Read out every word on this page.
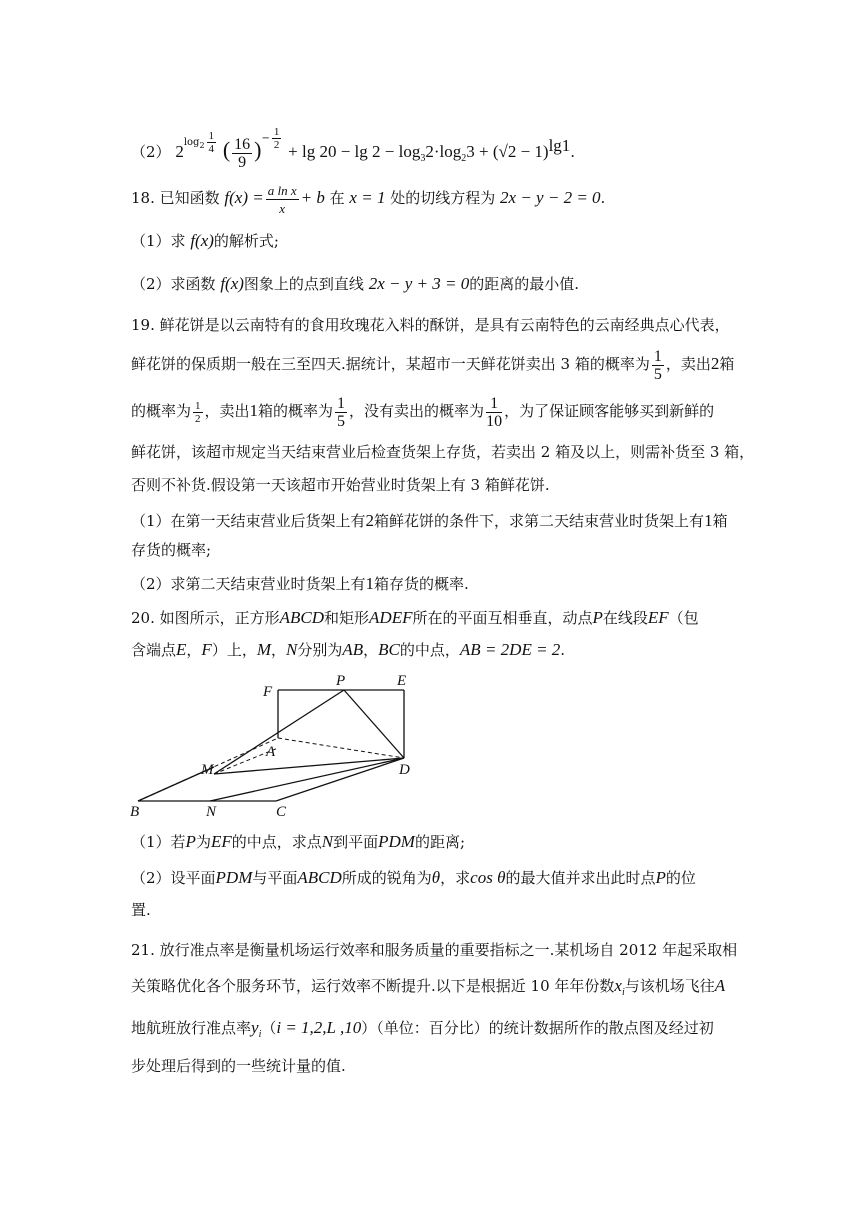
（2） $2^{log_2 \frac{1}{4}}$ ( $\frac{16}{9} )^{- \frac{1}{2}}$
+ $\lg 20 - \lg 2 - \log_32\cdot\log_23 + (√2 - 1)^{lg1}$.
18. 已知函数 $f(x) = \frac{\text{a ln x}}{x} + b$ 在 x = 1 处的切线方程为 2x − y − 2 = 0.
（1）求 f(x)的解析式;
（2）求函数 f(x)图象上的点到直线 2x − y + 3 = 0的距离的最小值.
19. 鲜花饼是以云南特有的食用玫瑰花入料的酥饼，是具有云南特色的云南经典点心代表，
鲜花饼的保质期一般在三至四天.据统计，某超市一天鲜花饼卖出 3 箱的概率为 $\frac{1}{5}$ ，卖出2箱
的概率为 $\frac{1}{2}$ ，卖出1箱的概率为 $\frac{1}{5}$ ，没有卖出的概率为 $\frac{1}{10}$ ，为了保证顾客能够买到新鲜的
鲜花饼，该超市规定当天结束营业后检查货架上存货，若卖出 2 箱及以上，则需补货至 3 箱，
否则不补货.假设第一天该超市开始营业时货架上有 3 箱鲜花饼.
（1）在第一天结束营业后货架上有2箱鲜花饼的条件下，求第二天结束营业时货架上有1箱
存货的概率;
（2）求第二天结束营业时货架上有1箱存货的概率.
20. 如图所示，正方形ABCD和矩形ADEF所在的平面互相垂直，动点P在线段EF（包
含端点E，F）上，M，N分别为AB，BC的中点，AB = 2DE = 2.
F
P	E
A
M	D
B	N	C
（1）若P为EF的中点，求点N到平面PDM的距离;
（2）设平面PDM与平面ABCD所成的锐角为θ，求cos θ的最大值并求出此时点P的位
置.
21. 放行准点率是衡量机场运行效率和服务质量的重要指标之一.某机场自 2012 年起采取相
关策略优化各个服务环节，运行效率不断提升.以下是根据近 10 年年份数$x_i$与该机场飞往A
地航班放行准点率$y_i(i = 1,2,L$ ,10）（单位：百分比）的统计数据所作的散点图及经过初
步处理后得到的一些统计量的值.
